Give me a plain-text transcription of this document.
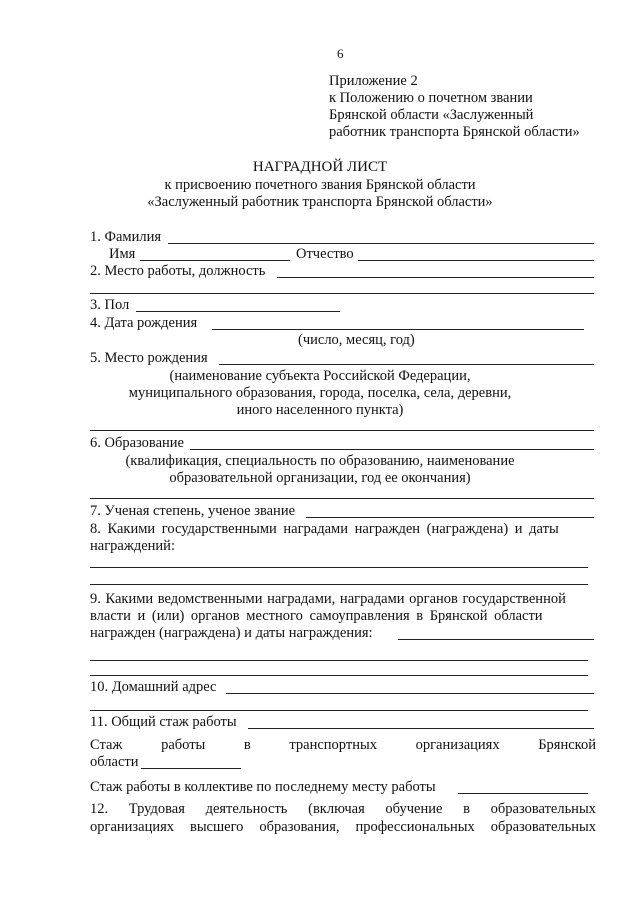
6
Приложение 2
к Положению о почетном звании
Брянской области «Заслуженный
работник транспорта Брянской области»
НАГРАДНОЙ ЛИСТ
к присвоению почетного звания Брянской области
«Заслуженный работник транспорта Брянской области»
1. Фамилия
Имя	Отчество
2. Место работы, должность
3. Пол
4. Дата рождения
(число, месяц, год)
5. Место рождения
(наименование субъекта Российской Федерации,
муниципального образования, города, поселка, села, деревни,
иного населенного пункта)
6. Образование
(квалификация, специальность по образованию, наименование
образовательной организации, год ее окончания)
7. Ученая степень, ученое звание
8. Какими государственными наградами награжден (награждена) и даты
награждений:
9. Какими ведомственными наградами, наградами органов государственной
власти и (или) органов местного самоуправления в Брянской области
награжден (награждена) и даты награждения:
10. Домашний адрес
11. Общий стаж работы
Стаж	работы	в	транспортных	организациях	Брянской
области
Стаж работы в коллективе по последнему месту работы
12. Трудовая деятельность (включая обучение в образовательных
организациях высшего образования, профессиональных образовательных
